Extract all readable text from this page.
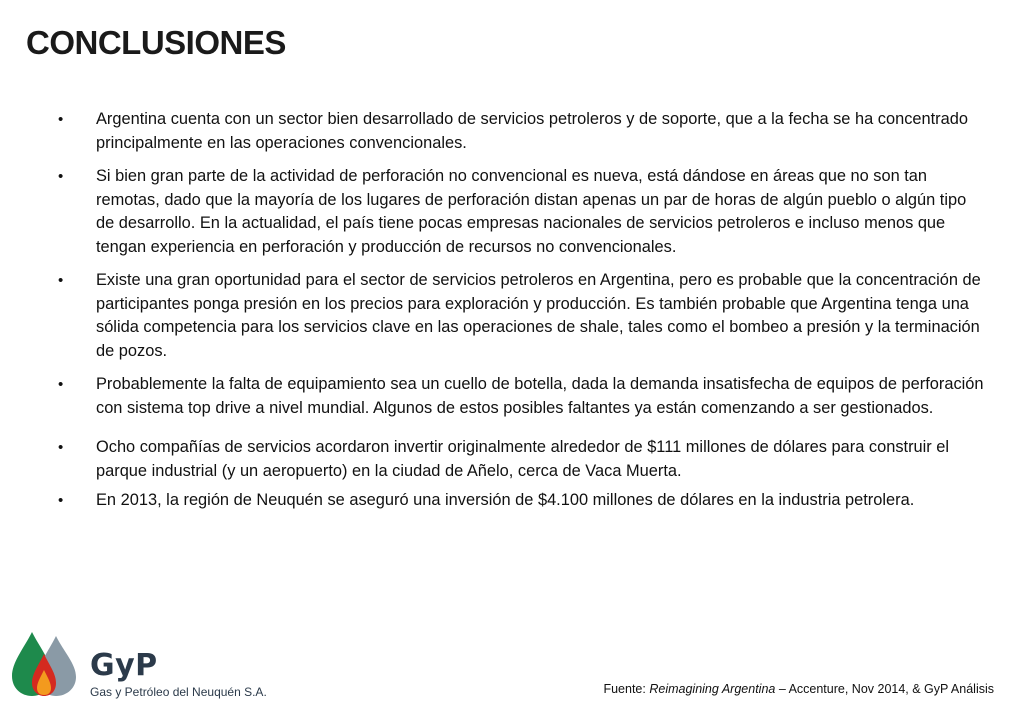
CONCLUSIONES
• Argentina cuenta con un sector bien desarrollado de servicios petroleros y de soporte, que a la fecha se ha concentrado principalmente en las operaciones convencionales.
• Si bien gran parte de la actividad de perforación no convencional es nueva, está dándose en áreas que no son tan remotas, dado que la mayoría de los lugares de perforación distan apenas un par de horas de algún pueblo o algún tipo de desarrollo. En la actualidad, el país tiene pocas empresas nacionales de servicios petroleros e incluso menos que tengan experiencia en perforación y producción de recursos no convencionales.
• Existe una gran oportunidad para el sector de servicios petroleros en Argentina, pero es probable que la concentración de participantes ponga presión en los precios para exploración y producción. Es también probable que Argentina tenga una sólida competencia para los servicios clave en las operaciones de shale, tales como el bombeo a presión y la terminación de pozos.
• Probablemente la falta de equipamiento sea un cuello de botella, dada la demanda insatisfecha de equipos de perforación con sistema top drive a nivel mundial. Algunos de estos posibles faltantes ya están comenzando a ser gestionados.
• Ocho compañías de servicios acordaron invertir originalmente alrededor de $111 millones de dólares para construir el parque industrial (y un aeropuerto) en la ciudad de Añelo, cerca de Vaca Muerta.
• En 2013, la región de Neuquén se aseguró una inversión de $4.100 millones de dólares en la industria petrolera.
GyP
Gas y Petróleo del Neuquén S.A.	Fuente: Reimagining Argentina – Accenture, Nov 2014, & GyP Análisis
